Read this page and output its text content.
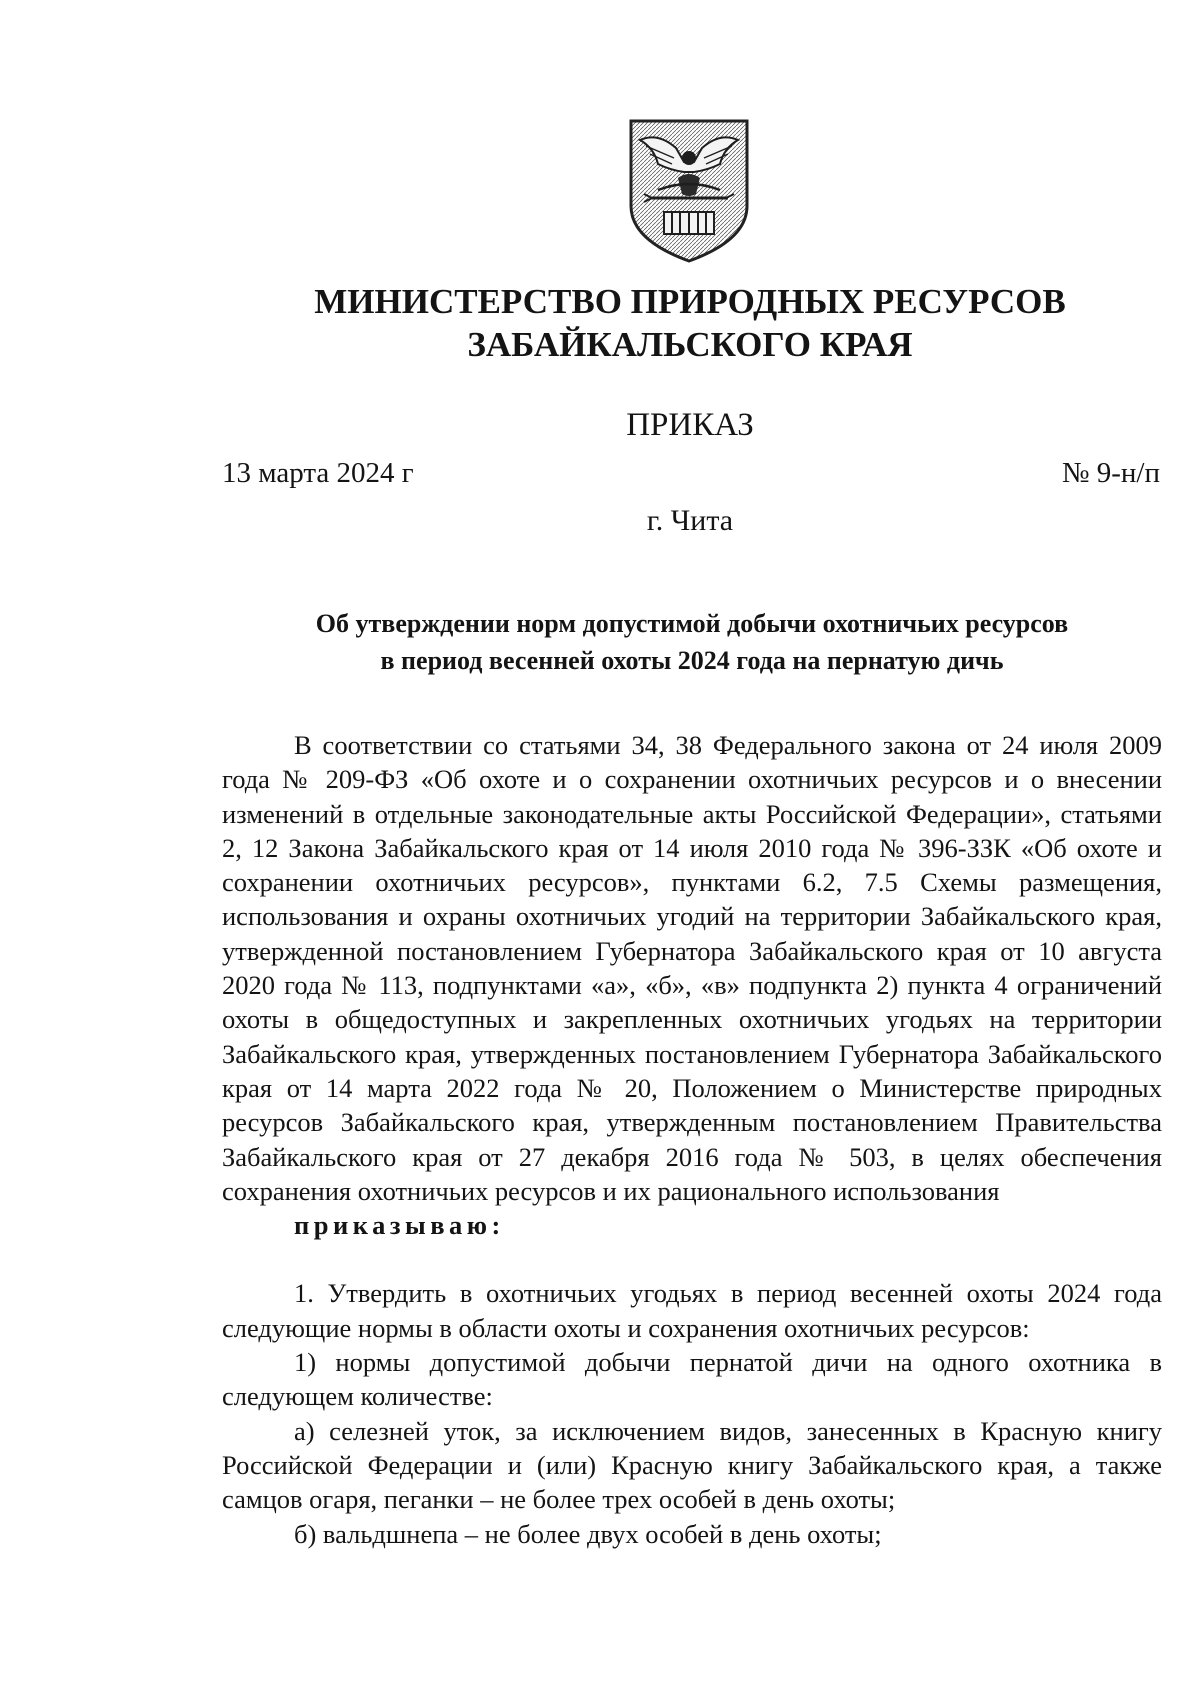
МИНИСТЕРСТВО ПРИРОДНЫХ РЕСУРСОВ
ЗАБАЙКАЛЬСКОГО КРАЯ
ПРИКАЗ
13 марта 2024 г	№ 9-н/п
г. Чита
Об утверждении норм допустимой добычи охотничьих ресурсов
в период весенней охоты 2024 года на пернатую дичь

В соответствии со статьями 34, 38 Федерального закона от 24 июля 2009 года № 209-ФЗ «Об охоте и о сохранении охотничьих ресурсов и о внесении изменений в отдельные законодательные акты Российской Федерации», статьями 2, 12 Закона Забайкальского края от 14 июля 2010 года № 396-ЗЗК «Об охоте и сохранении охотничьих ресурсов», пунктами 6.2, 7.5 Схемы размещения, использования и охраны охотничьих угодий на территории Забайкальского края, утвержденной постановлением Губернатора Забайкальского края от 10 августа 2020 года № 113, подпунктами «а», «б», «в» подпункта 2) пункта 4 ограничений охоты в общедоступных и закрепленных охотничьих угодьях на территории Забайкальского края, утвержденных постановлением Губернатора Забайкальского края от 14 марта 2022 года № 20, Положением о Министерстве природных ресурсов Забайкальского края, утвержденным постановлением Правительства Забайкальского края от 27 декабря 2016 года № 503, в целях обеспечения сохранения охотничьих ресурсов и их рационального использования

приказываю:

1. Утвердить в охотничьих угодьях в период весенней охоты 2024 года следующие нормы в области охоты и сохранения охотничьих ресурсов:

1) нормы допустимой добычи пернатой дичи на одного охотника в следующем количестве:

а) селезней уток, за исключением видов, занесенных в Красную книгу Российской Федерации и (или) Красную книгу Забайкальского края, а также самцов огаря, пеганки – не более трех особей в день охоты;

б) вальдшнепа – не более двух особей в день охоты;
